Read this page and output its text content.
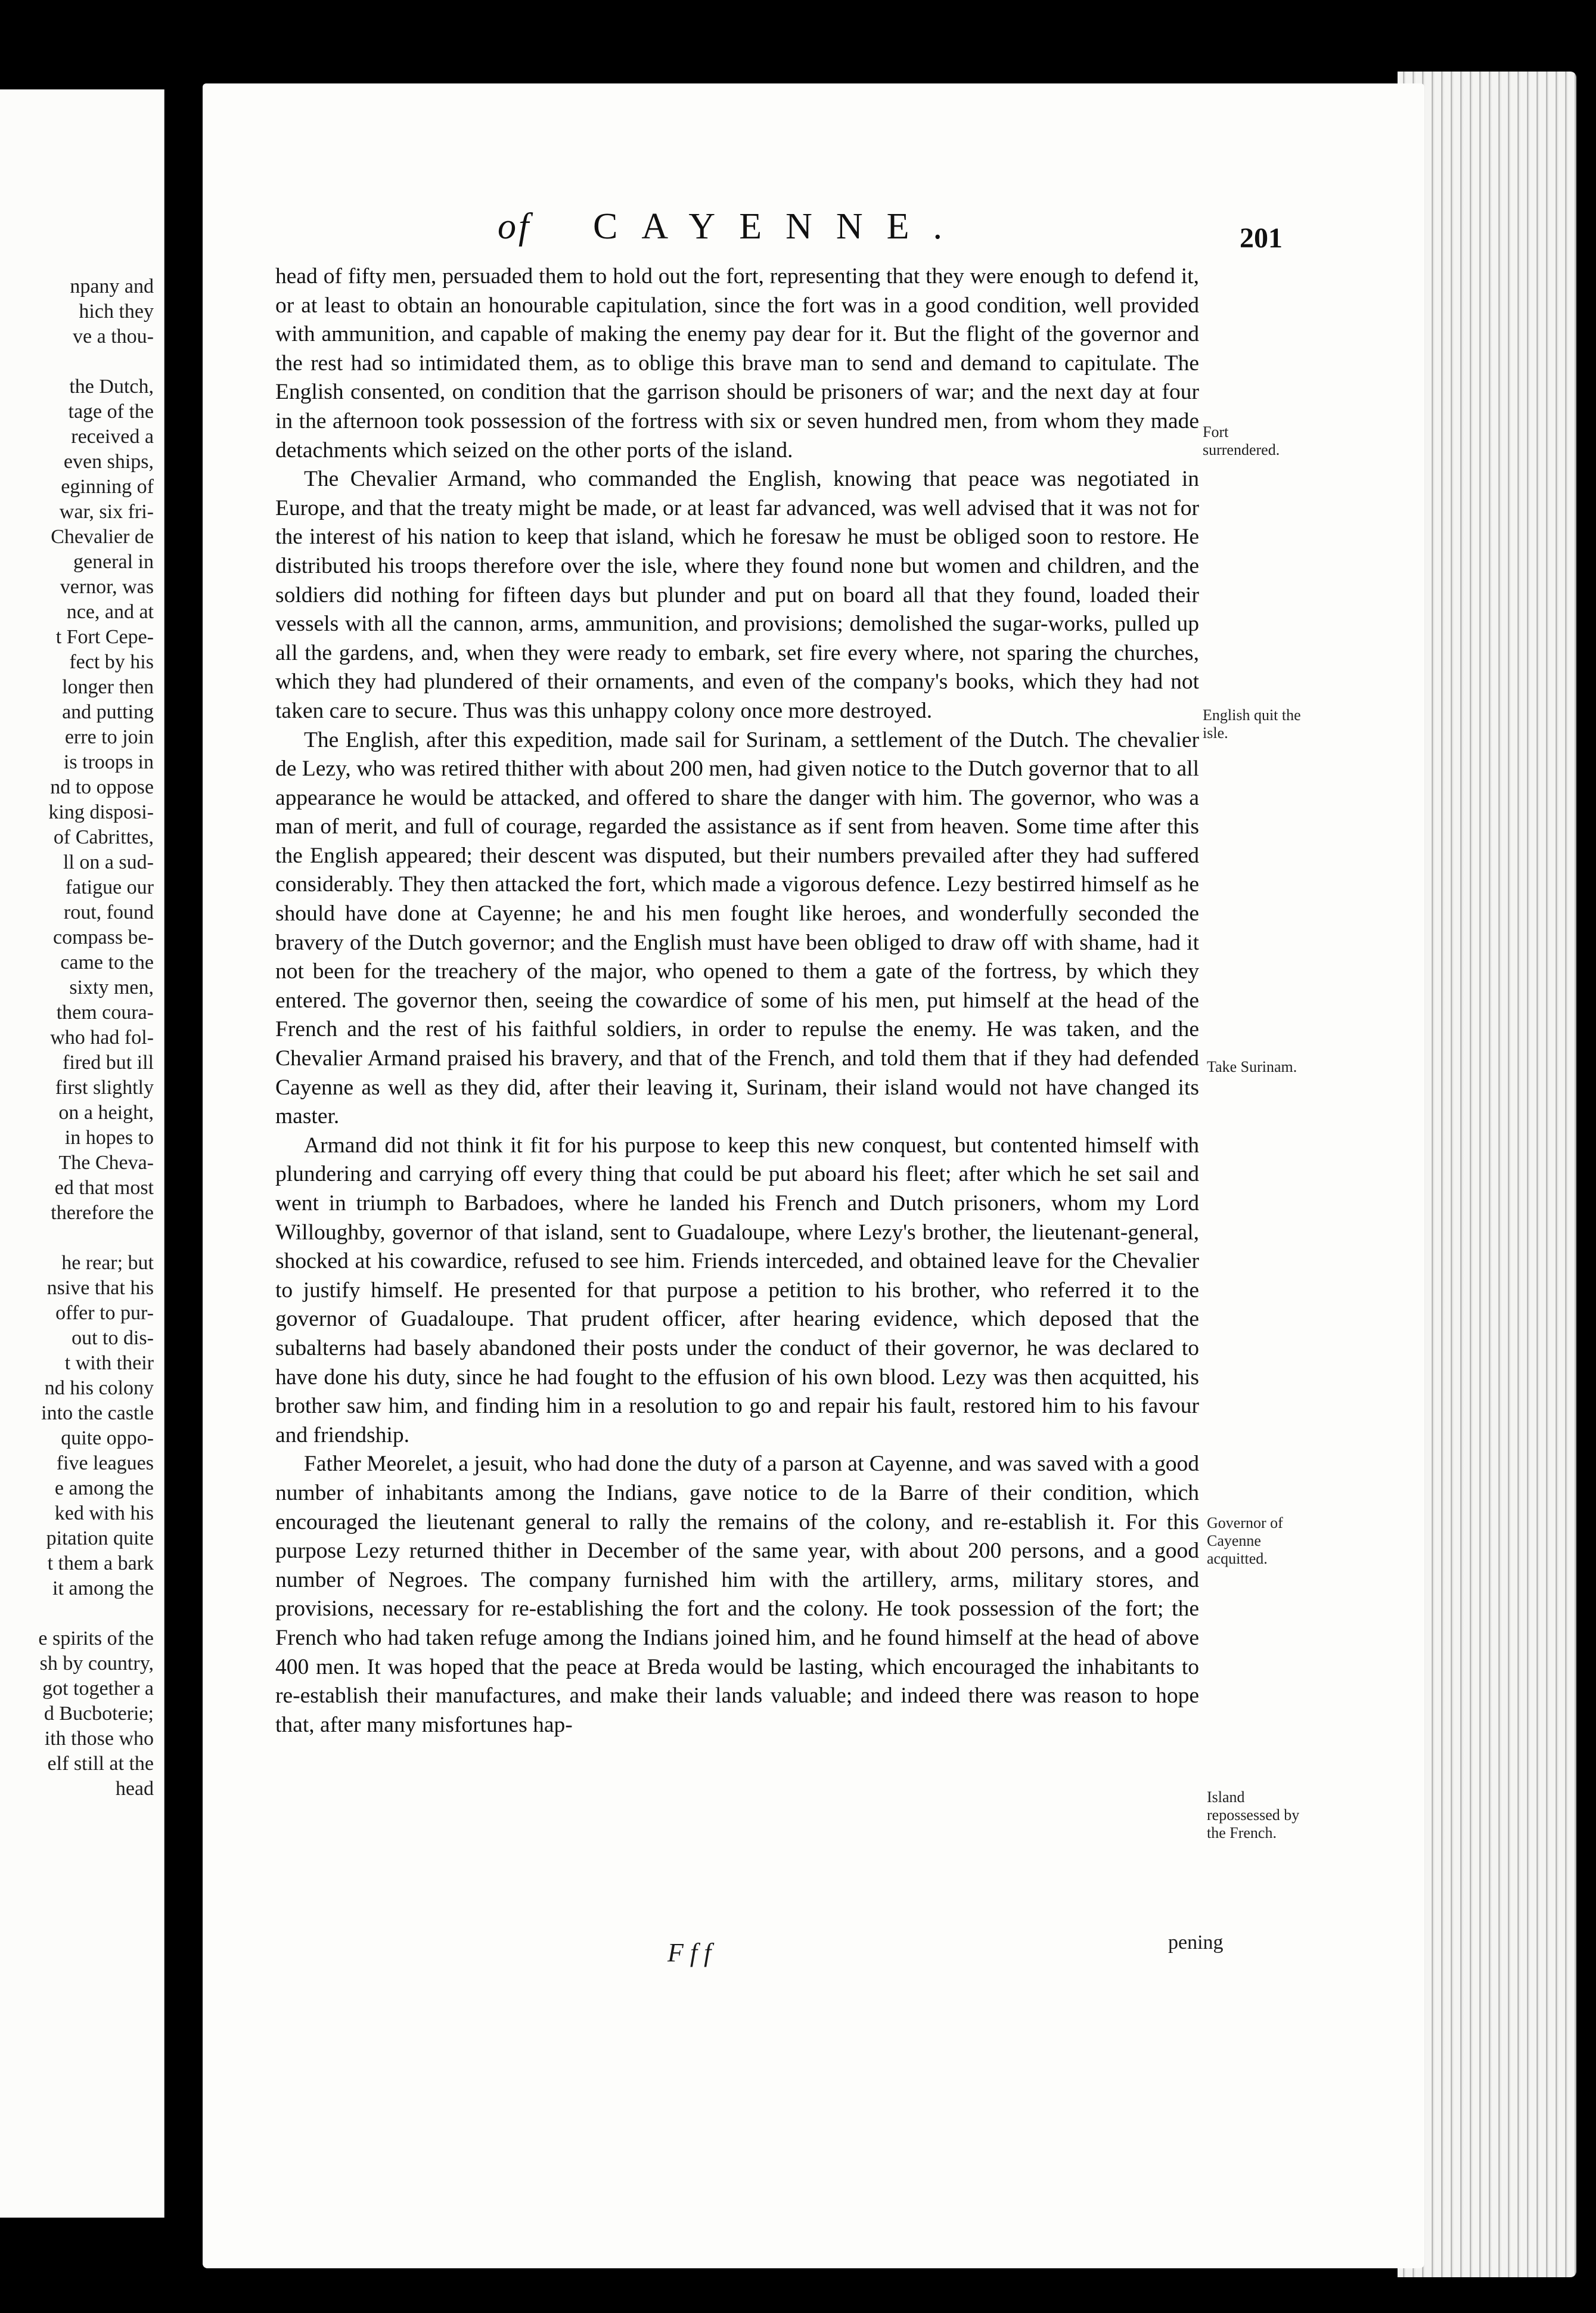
npany and
hich they
ve a thou-

the Dutch,
tage of the
received a
even ships,
eginning of
war, six fri-
Chevalier de
general in
vernor, was
nce, and at
t Fort Cepe-
fect by his
longer then
and putting
erre to join
is troops in
nd to oppose
king disposi-
of Cabrittes,
ll on a sud-
fatigue our
rout, found
compass be-
came to the
sixty men,
them coura-
who had fol-
fired but ill
first slightly
on a height,
in hopes to
The Cheva-
ed that most
therefore the

he rear; but
nsive that his
offer to pur-
out to dis-
t with their
nd his colony
into the castle
quite oppo-
five leagues
e among the
ked with his
pitation quite
t them a bark
it among the

e spirits of the
sh by country,
got together a
d Bucboterie;
ith those who
elf still at the
head
of CAYENNE.	201

head of fifty men, persuaded them to hold out the fort, representing that they were enough to defend it, or at least to obtain an honourable capitulation, since the fort was in a good condition, well provided with ammunition, and capable of making the enemy pay dear for it. But the flight of the governor and the rest had so intimidated them, as to oblige this brave man to send and demand to capitulate. The English consented, on condition that the garrison should be prisoners of war; and the next day at four in the afternoon took possession of the fortress with six or seven hundred men, from whom they made detachments which seized on the other ports of the island.

The Chevalier Armand, who commanded the English, knowing that peace was negotiated in Europe, and that the treaty might be made, or at least far advanced, was well advised that it was not for the interest of his nation to keep that island, which he foresaw he must be obliged soon to restore. He distributed his troops therefore over the isle, where they found none but women and children, and the soldiers did nothing for fifteen days but plunder and put on board all that they found, loaded their vessels with all the cannon, arms, ammunition, and provisions; demolished the sugar-works, pulled up all the gardens, and, when they were ready to embark, set fire every where, not sparing the churches, which they had plundered of their ornaments, and even of the company's books, which they had not taken care to secure. Thus was this unhappy colony once more destroyed.

The English, after this expedition, made sail for Surinam, a settlement of the Dutch. The chevalier de Lezy, who was retired thither with about 200 men, had given notice to the Dutch governor that to all appearance he would be attacked, and offered to share the danger with him. The governor, who was a man of merit, and full of courage, regarded the assistance as if sent from heaven. Some time after this the English appeared; their descent was disputed, but their numbers prevailed after they had suffered considerably. They then attacked the fort, which made a vigorous defence. Lezy bestirred himself as he should have done at Cayenne; he and his men fought like heroes, and wonderfully seconded the bravery of the Dutch governor; and the English must have been obliged to draw off with shame, had it not been for the treachery of the major, who opened to them a gate of the fortress, by which they entered. The governor then, seeing the cowardice of some of his men, put himself at the head of the French and the rest of his faithful soldiers, in order to repulse the enemy. He was taken, and the Chevalier Armand praised his bravery, and that of the French, and told them that if they had defended Cayenne as well as they did, after their leaving it, Surinam, their island would not have changed its master.

Armand did not think it fit for his purpose to keep this new conquest, but contented himself with plundering and carrying off every thing that could be put aboard his fleet; after which he set sail and went in triumph to Barbadoes, where he landed his French and Dutch prisoners, whom my Lord Willoughby, governor of that island, sent to Guadaloupe, where Lezy's brother, the lieutenant-general, shocked at his cowardice, refused to see him. Friends interceded, and obtained leave for the Chevalier to justify himself. He presented for that purpose a petition to his brother, who referred it to the governor of Guadaloupe. That prudent officer, after hearing evidence, which deposed that the subalterns had basely abandoned their posts under the conduct of their governor, he was declared to have done his duty, since he had fought to the effusion of his own blood. Lezy was then acquitted, his brother saw him, and finding him in a resolution to go and repair his fault, restored him to his favour and friendship.

Father Meorelet, a jesuit, who had done the duty of a parson at Cayenne, and was saved with a good number of inhabitants among the Indians, gave notice to de la Barre of their condition, which encouraged the lieutenant general to rally the remains of the colony, and re-establish it. For this purpose Lezy returned thither in December of the same year, with about 200 persons, and a good number of Negroes. The company furnished him with the artillery, arms, military stores, and provisions, necessary for re-establishing the fort and the colony. He took possession of the fort; the French who had taken refuge among the Indians joined him, and he found himself at the head of above 400 men. It was hoped that the peace at Breda would be lasting, which encouraged the inhabitants to re-establish their manufactures, and make their lands valuable; and indeed there was reason to hope that, after many misfortunes hap-

Fort surrendered.
English quit the isle.
Take Surinam.
Governor of Cayenne acquitted.
Island repossessed by the French.
F f f	pening
